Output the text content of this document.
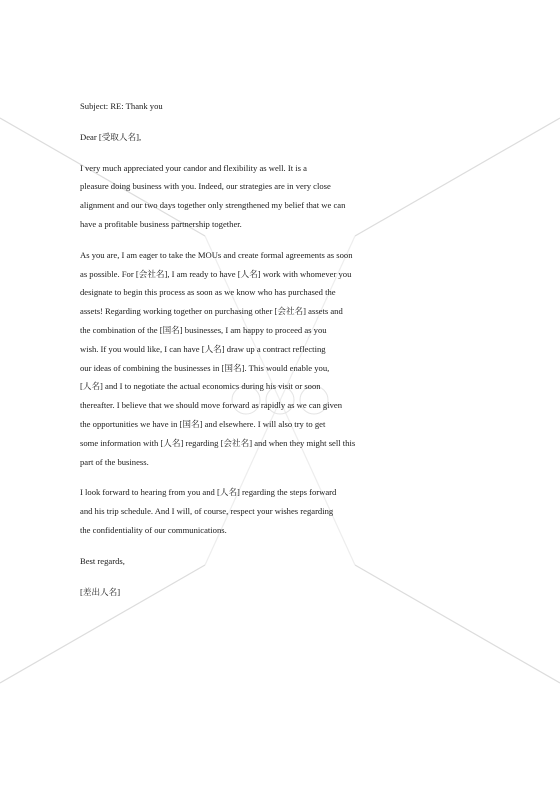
Subject: RE: Thank you
Dear [受取人名],
I very much appreciated your candor and flexibility as well. It is a
pleasure doing business with you. Indeed, our strategies are in very close
alignment and our two days together only strengthened my belief that we can
have a profitable business partnership together.
As you are, I am eager to take the MOUs and create formal agreements as soon
as possible. For [会社名], I am ready to have [人名] work with whomever you
designate to begin this process as soon as we know who has purchased the
assets! Regarding working together on purchasing other [会社名] assets and
the combination of the [国名] businesses, I am happy to proceed as you
wish. If you would like, I can have [人名] draw up a contract reflecting
our ideas of combining the businesses in [国名]. This would enable you,
[人名] and I to negotiate the actual economics during his visit or soon
thereafter. I believe that we should move forward as rapidly as we can given
the opportunities we have in [国名] and elsewhere. I will also try to get
some information with [人名] regarding [会社名] and when they might sell this
part of the business.
I look forward to hearing from you and [人名] regarding the steps forward
and his trip schedule. And I will, of course, respect your wishes regarding
the confidentiality of our communications.
Best regards,
[差出人名]
